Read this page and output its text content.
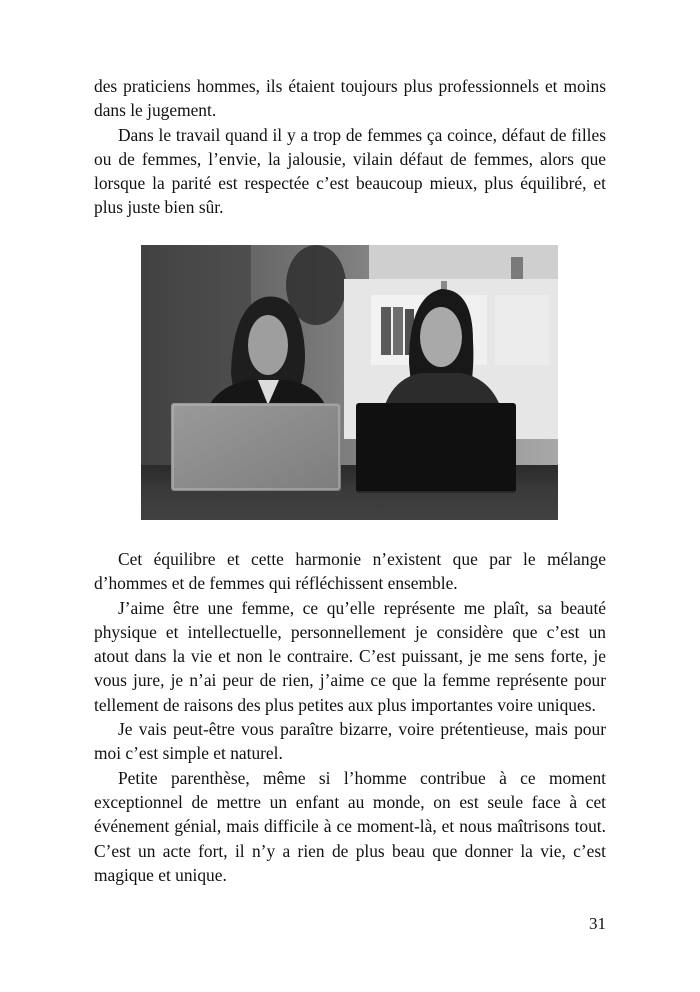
des praticiens hommes, ils étaient toujours plus professionnels et moins dans le jugement.

Dans le travail quand il y a trop de femmes ça coince, défaut de filles ou de femmes, l’envie, la jalousie, vilain défaut de femmes, alors que lorsque la parité est respectée c’est beaucoup mieux, plus équilibré, et plus juste bien sûr.

Cet équilibre et cette harmonie n’existent que par le mélange d’hommes et de femmes qui réfléchissent ensemble.

J’aime être une femme, ce qu’elle représente me plaît, sa beauté physique et intellectuelle, personnellement je considère que c’est un atout dans la vie et non le contraire. C’est puissant, je me sens forte, je vous jure, je n’ai peur de rien, j’aime ce que la femme représente pour tellement de raisons des plus petites aux plus importantes voire uniques.

Je vais peut-être vous paraître bizarre, voire prétentieuse, mais pour moi c’est simple et naturel.

Petite parenthèse, même si l’homme contribue à ce moment exceptionnel de mettre un enfant au monde, on est seule face à cet événement génial, mais difficile à ce moment-là, et nous maîtrisons tout. C’est un acte fort, il n’y a rien de plus beau que donner la vie, c’est magique et unique.

31
